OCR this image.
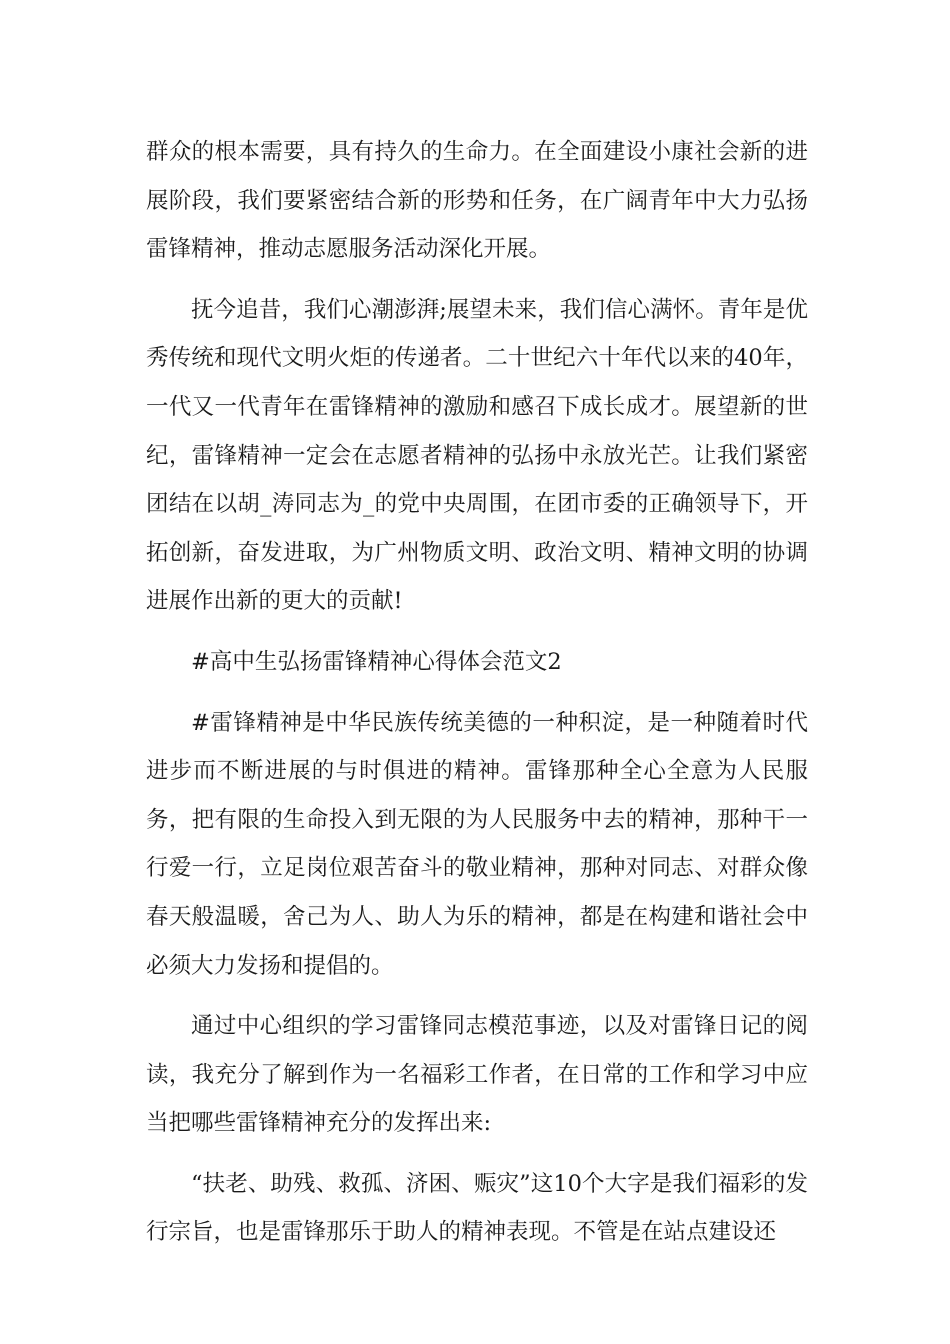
群众的根本需要，具有持久的生命力。在全面建设小康社会新的进展阶段，我们要紧密结合新的形势和任务，在广阔青年中大力弘扬雷锋精神，推动志愿服务活动深化开展。

抚今追昔，我们心潮澎湃;展望未来，我们信心满怀。青年是优秀传统和现代文明火炬的传递者。二十世纪六十年代以来的40年，一代又一代青年在雷锋精神的激励和感召下成长成才。展望新的世纪，雷锋精神一定会在志愿者精神的弘扬中永放光芒。让我们紧密团结在以胡_涛同志为_的党中央周围，在团市委的正确领导下，开拓创新，奋发进取，为广州物质文明、政治文明、精神文明的协调进展作出新的更大的贡献!

#高中生弘扬雷锋精神心得体会范文2

#雷锋精神是中华民族传统美德的一种积淀，是一种随着时代进步而不断进展的与时俱进的精神。雷锋那种全心全意为人民服务，把有限的生命投入到无限的为人民服务中去的精神，那种干一行爱一行，立足岗位艰苦奋斗的敬业精神，那种对同志、对群众像春天般温暖，舍己为人、助人为乐的精神，都是在构建和谐社会中必须大力发扬和提倡的。

通过中心组织的学习雷锋同志模范事迹，以及对雷锋日记的阅读，我充分了解到作为一名福彩工作者，在日常的工作和学习中应当把哪些雷锋精神充分的发挥出来:

“扶老、助残、救孤、济困、赈灾”这10个大字是我们福彩的发行宗旨，也是雷锋那乐于助人的精神表现。不管是在站点建设还
